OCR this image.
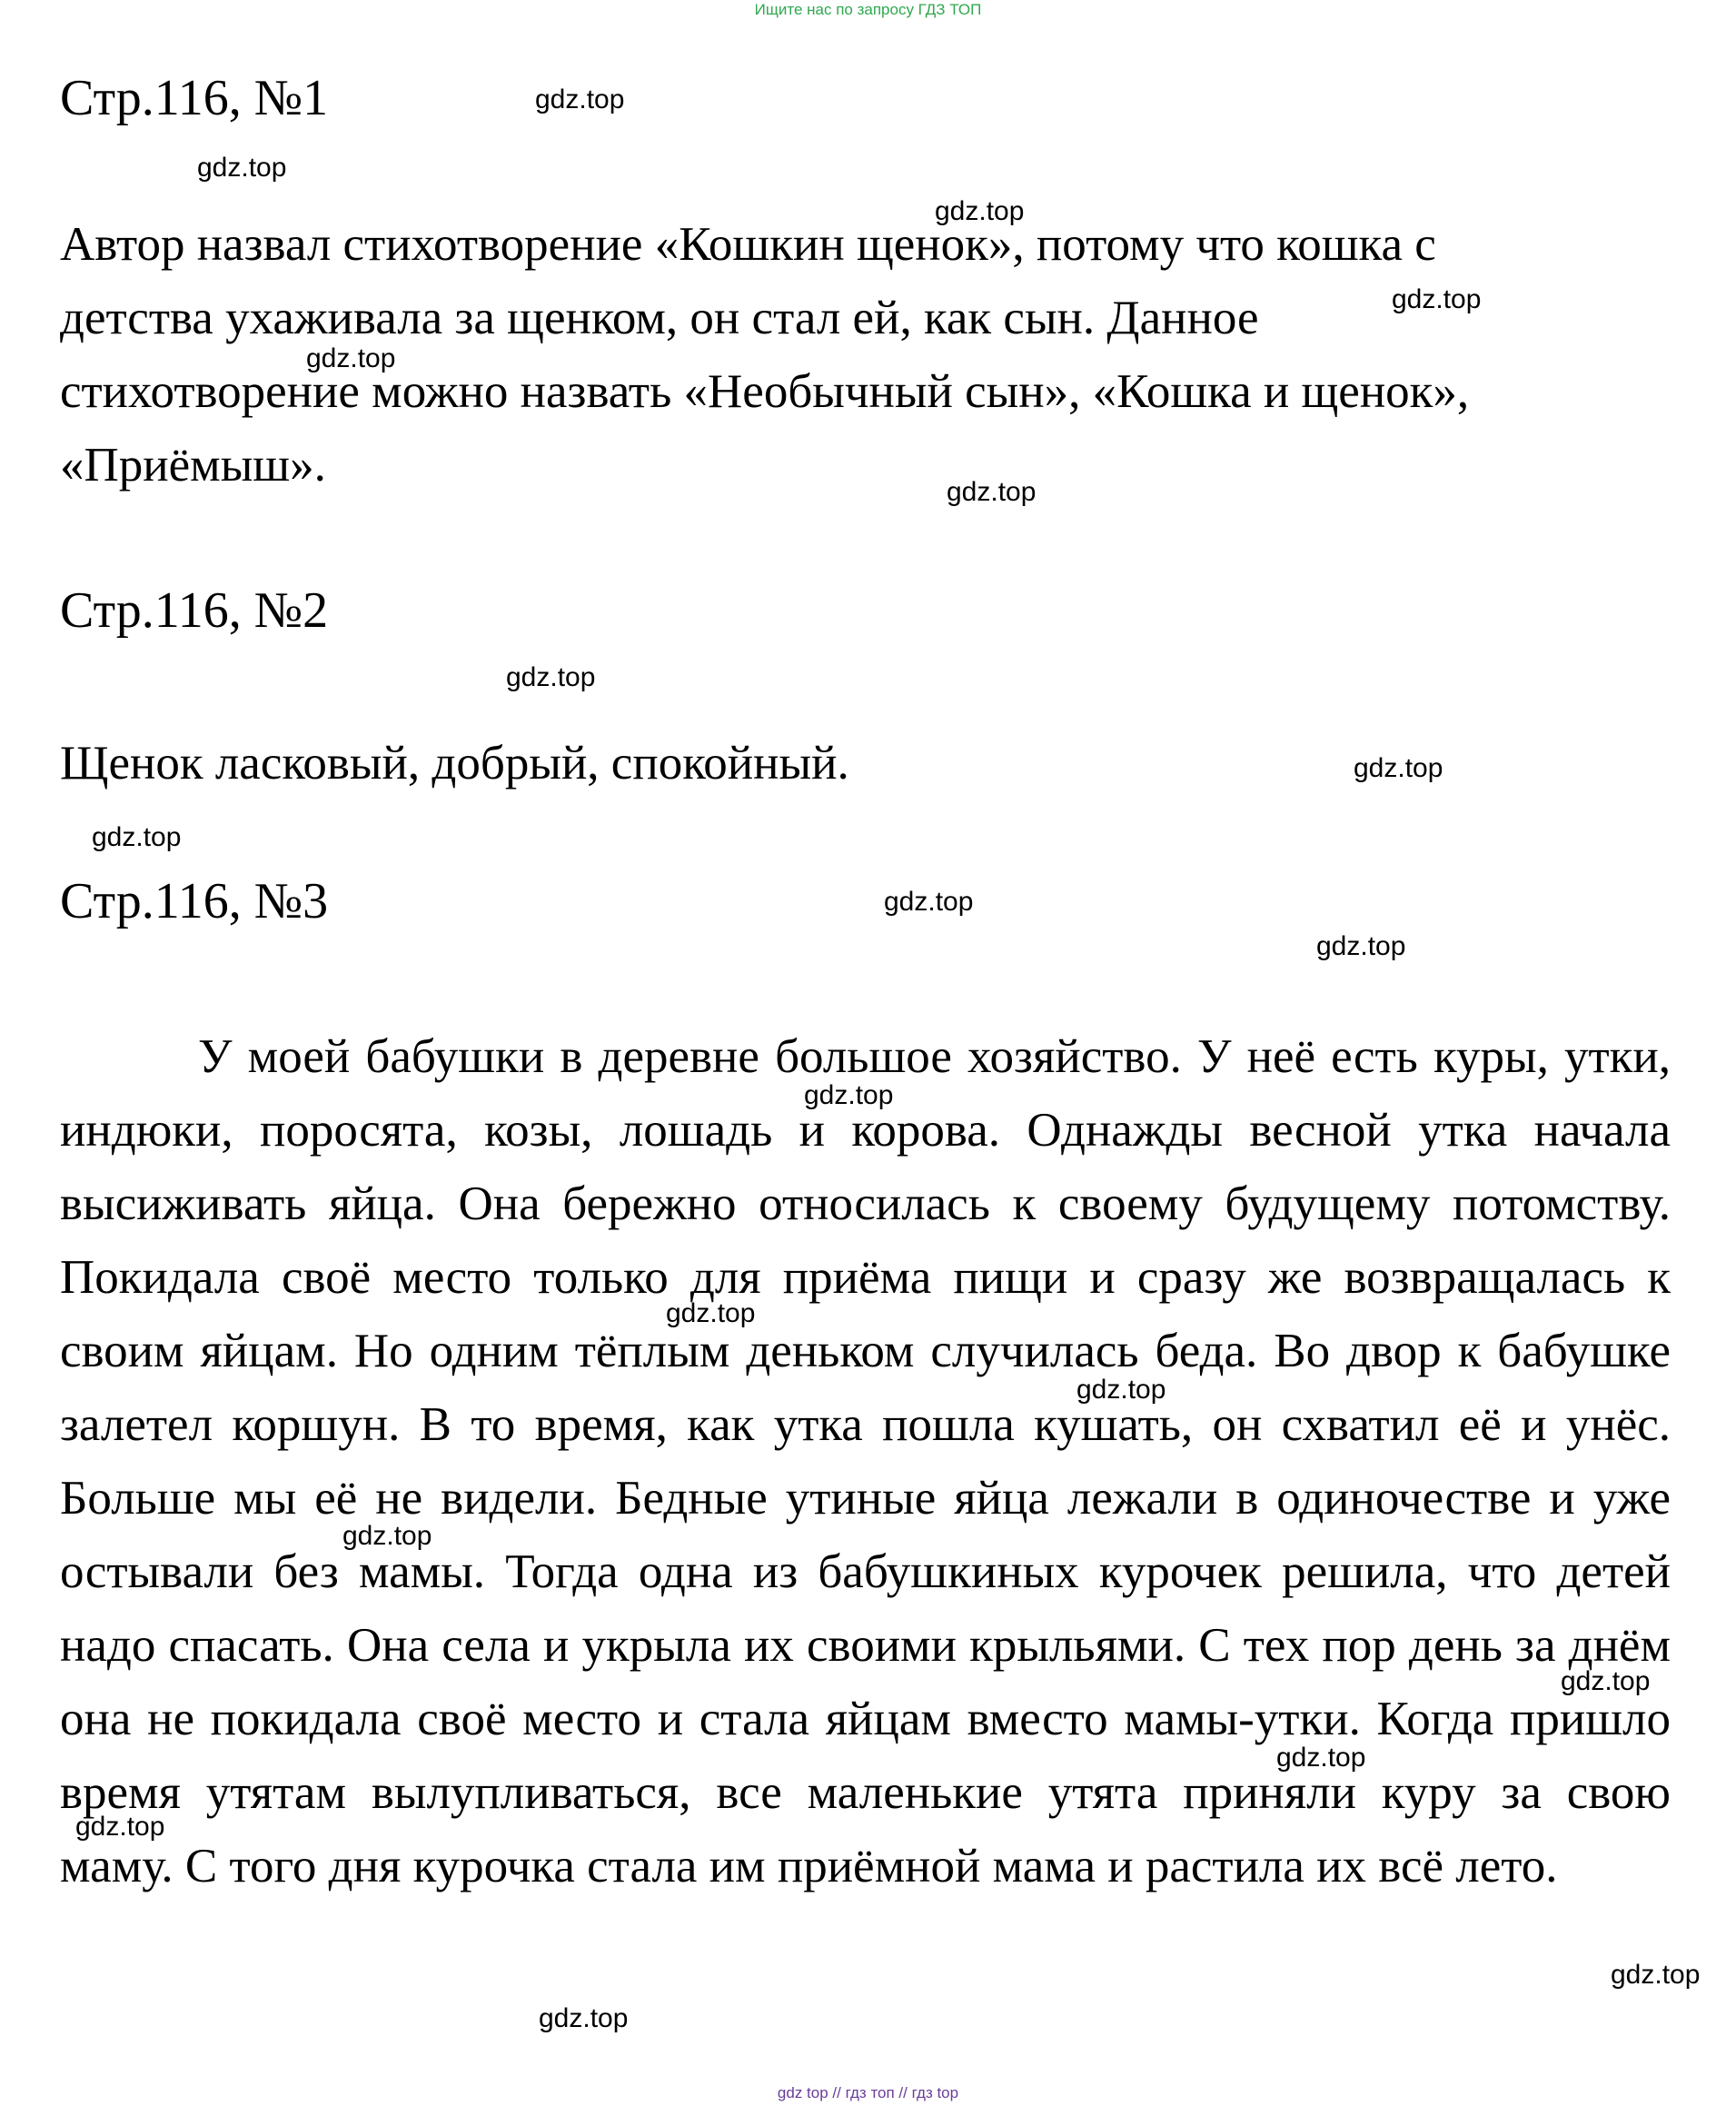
Ищите нас по запросу ГДЗ ТОП
Стр.116, №1

Автор назвал стихотворение «Кошкин щенок», потому что кошка с

детства ухаживала за щенком, он стал ей, как сын. Данное

стихотворение можно назвать «Необычный сын», «Кошка и щенок»,

«Приёмыш».

Стр.116, №2

Щенок ласковый, добрый, спокойный.

Стр.116, №3

У моей бабушки в деревне большое хозяйство. У неё есть куры, утки, индюки, поросята, козы, лошадь и корова. Однажды весной утка начала высиживать яйца. Она бережно относилась к своему будущему потомству. Покидала своё место только для приёма пищи и сразу же возвращалась к своим яйцам. Но одним тёплым деньком случилась беда. Во двор к бабушке залетел коршун. В то время, как утка пошла кушать, он схватил её и унёс. Больше мы её не видели. Бедные утиные яйца лежали в одиночестве и уже остывали без мамы. Тогда одна из бабушкиных курочек решила, что детей надо спасать. Она села и укрыла их своими крыльями. С тех пор день за днём она не покидала своё место и стала яйцам вместо мамы-утки. Когда пришло время утятам вылупливаться, все маленькие утята приняли куру за свою маму. С того дня курочка стала им приёмной мама и растила их всё лето.

gdz.top
gdz.top
gdz.top
gdz.top
gdz.top
gdz.top
gdz.top
gdz.top
gdz.top
gdz.top
gdz.top
gdz.top
gdz.top
gdz.top
gdz.top
gdz.top
gdz.top
gdz.top
gdz.top
gdz.top
gdz top // гдз топ // гдз top
